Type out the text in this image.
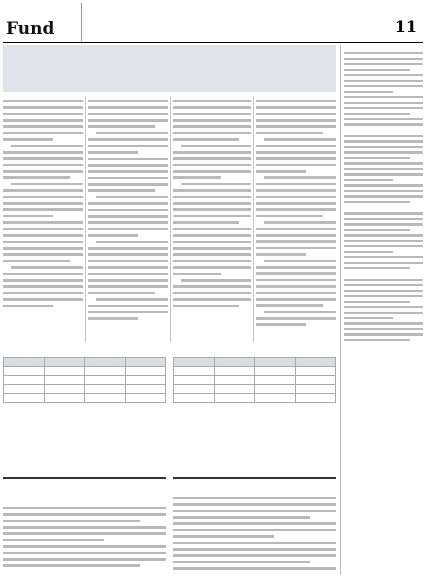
Fund	11
